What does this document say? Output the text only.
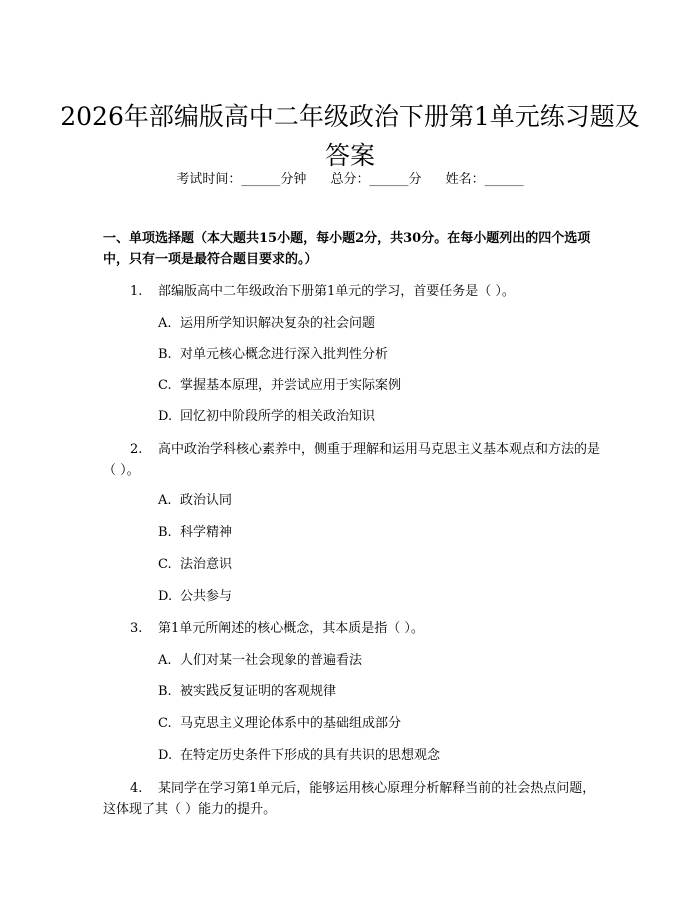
2026年部编版高中二年级政治下册第1单元练习题及答案
考试时间：______分钟 总分：______分 姓名：______

一、单项选择题（本大题共15小题，每小题2分，共30分。在每小题列出的四个选项中，只有一项是最符合题目要求的。）

1. 部编版高中二年级政治下册第1单元的学习，首要任务是（ ）。

A. 运用所学知识解决复杂的社会问题
B. 对单元核心概念进行深入批判性分析
C. 掌握基本原理，并尝试应用于实际案例
D. 回忆初中阶段所学的相关政治知识

2. 高中政治学科核心素养中，侧重于理解和运用马克思主义基本观点和方法的是（ ）。

A. 政治认同
B. 科学精神
C. 法治意识
D. 公共参与

3. 第1单元所阐述的核心概念，其本质是指（ ）。

A. 人们对某一社会现象的普遍看法
B. 被实践反复证明的客观规律
C. 马克思主义理论体系中的基础组成部分
D. 在特定历史条件下形成的具有共识的思想观念

4. 某同学在学习第1单元后，能够运用核心原理分析解释当前的社会热点问题，这体现了其（ ）能力的提升。
